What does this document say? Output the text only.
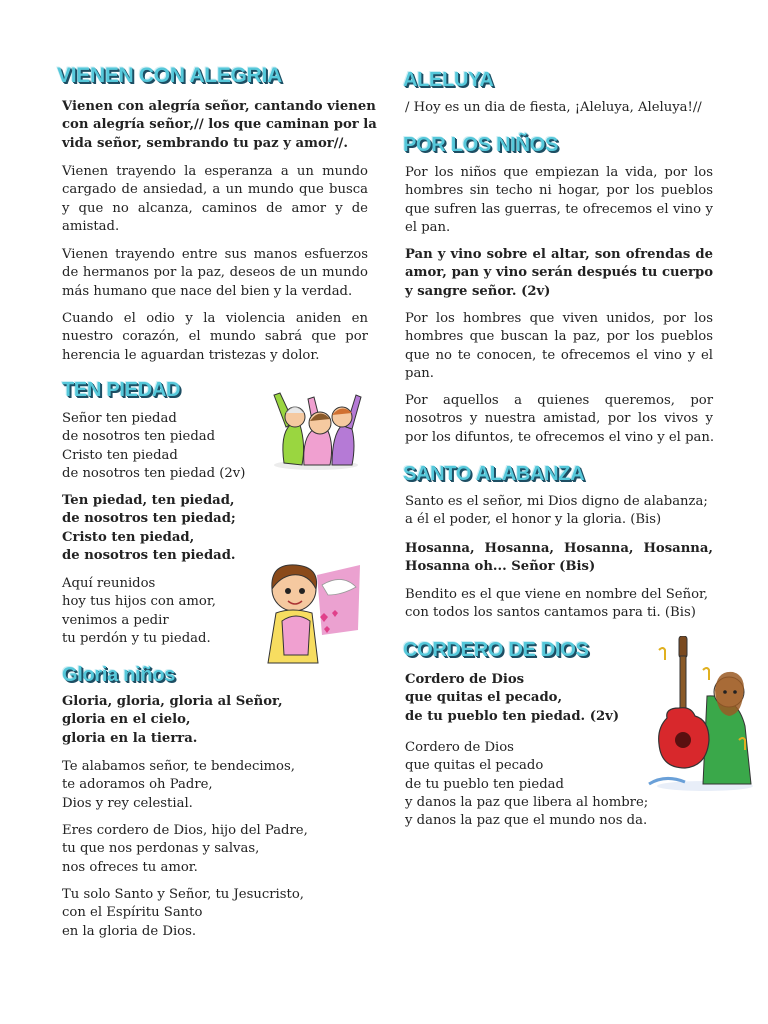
VIENEN CON ALEGRIA
Vienen con alegría señor, cantando vienen
con alegría señor,// los que caminan por la
vida señor, sembrando tu paz y amor//.
Vienen trayendo la esperanza a un mundo
cargado de ansiedad, a un mundo que busca
y que no alcanza, caminos de amor y de
amistad.
Vienen trayendo entre sus manos esfuerzos
de hermanos por la paz, deseos de un mundo
más humano que nace del bien y la verdad.
Cuando el odio y la violencia aniden en
nuestro corazón, el mundo sabrá que por
herencia le aguardan tristezas y dolor.
TEN PIEDAD
Señor ten piedad
de nosotros ten piedad
Cristo ten piedad
de nosotros ten piedad (2v)
Ten piedad, ten piedad,
de nosotros ten piedad;
Cristo ten piedad,
de nosotros ten piedad.
Aquí reunidos
hoy tus hijos con amor,
venimos a pedir
tu perdón y tu piedad.
Gloria niños
Gloria, gloria, gloria al Señor,
gloria en el cielo,
gloria en la tierra.
Te alabamos señor, te bendecimos,
te adoramos oh Padre,
Dios y rey celestial.
Eres cordero de Dios, hijo del Padre,
tu que nos perdonas y salvas,
nos ofreces tu amor.
Tu solo Santo y Señor, tu Jesucristo,
con el Espíritu Santo
en la gloria de Dios.
ALELUYA
/ Hoy es un dia de fiesta, ¡Aleluya, Aleluya!//
POR LOS NIÑOS
Por los niños que empiezan la vida, por los
hombres sin techo ni hogar, por los pueblos
que sufren las guerras, te ofrecemos el vino y
el pan.
Pan y vino sobre el altar, son ofrendas de
amor, pan y vino serán después tu cuerpo
y sangre señor. (2v)
Por los hombres que viven unidos, por los
hombres que buscan la paz, por los pueblos
que no te conocen, te ofrecemos el vino y el
pan.
Por aquellos a quienes queremos, por
nosotros y nuestra amistad, por los vivos y
por los difuntos, te ofrecemos el vino y el pan.
SANTO ALABANZA
Santo es el señor, mi Dios digno de alabanza;
a él el poder, el honor y la gloria. (Bis)
Hosanna, Hosanna, Hosanna, Hosanna,
Hosanna oh... Señor (Bis)
Bendito es el que viene en nombre del Señor,
con todos los santos cantamos para ti. (Bis)
CORDERO DE DIOS
Cordero de Dios
que quitas el pecado,
de tu pueblo ten piedad. (2v)
Cordero de Dios
que quitas el pecado
de tu pueblo ten piedad
y danos la paz que libera al hombre;
y danos la paz que el mundo nos da.
